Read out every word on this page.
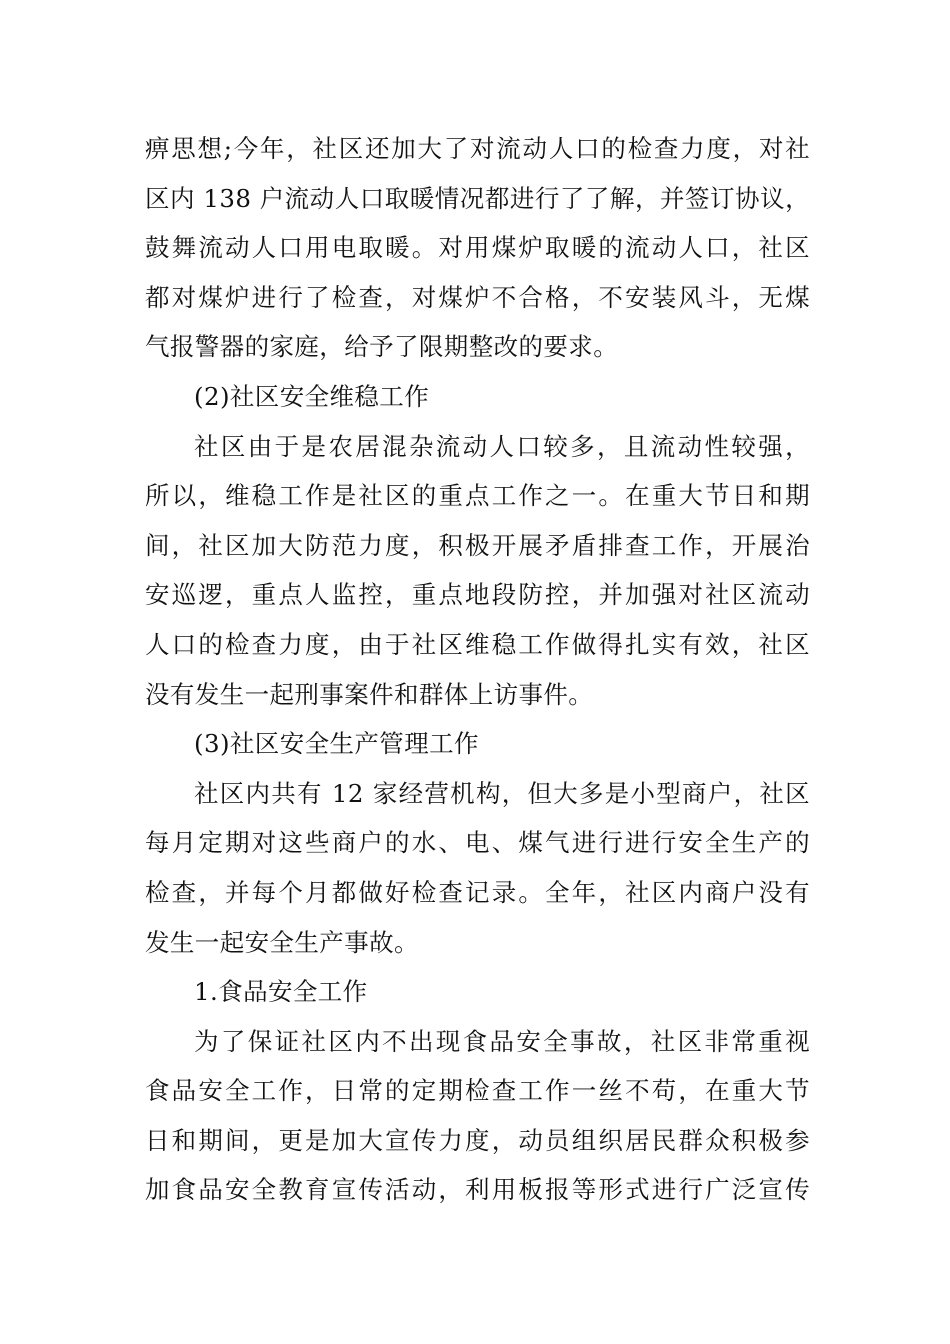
痹思想;今年，社区还加大了对流动人口的检查力度，对社
区内 138 户流动人口取暖情况都进行了了解，并签订协议，
鼓舞流动人口用电取暖。对用煤炉取暖的流动人口，社区
都对煤炉进行了检查，对煤炉不合格，不安装风斗，无煤
气报警器的家庭，给予了限期整改的要求。
(2)社区安全维稳工作
社区由于是农居混杂流动人口较多，且流动性较强，
所以，维稳工作是社区的重点工作之一。在重大节日和期
间，社区加大防范力度，积极开展矛盾排查工作，开展治
安巡逻，重点人监控，重点地段防控，并加强对社区流动
人口的检查力度，由于社区维稳工作做得扎实有效，社区
没有发生一起刑事案件和群体上访事件。
(3)社区安全生产管理工作
社区内共有 12 家经营机构，但大多是小型商户，社区
每月定期对这些商户的水、电、煤气进行进行安全生产的
检查，并每个月都做好检查记录。全年，社区内商户没有
发生一起安全生产事故。
1.食品安全工作
为了保证社区内不出现食品安全事故，社区非常重视
食品安全工作，日常的定期检查工作一丝不苟，在重大节
日和期间，更是加大宣传力度，动员组织居民群众积极参
加食品安全教育宣传活动，利用板报等形式进行广泛宣传
